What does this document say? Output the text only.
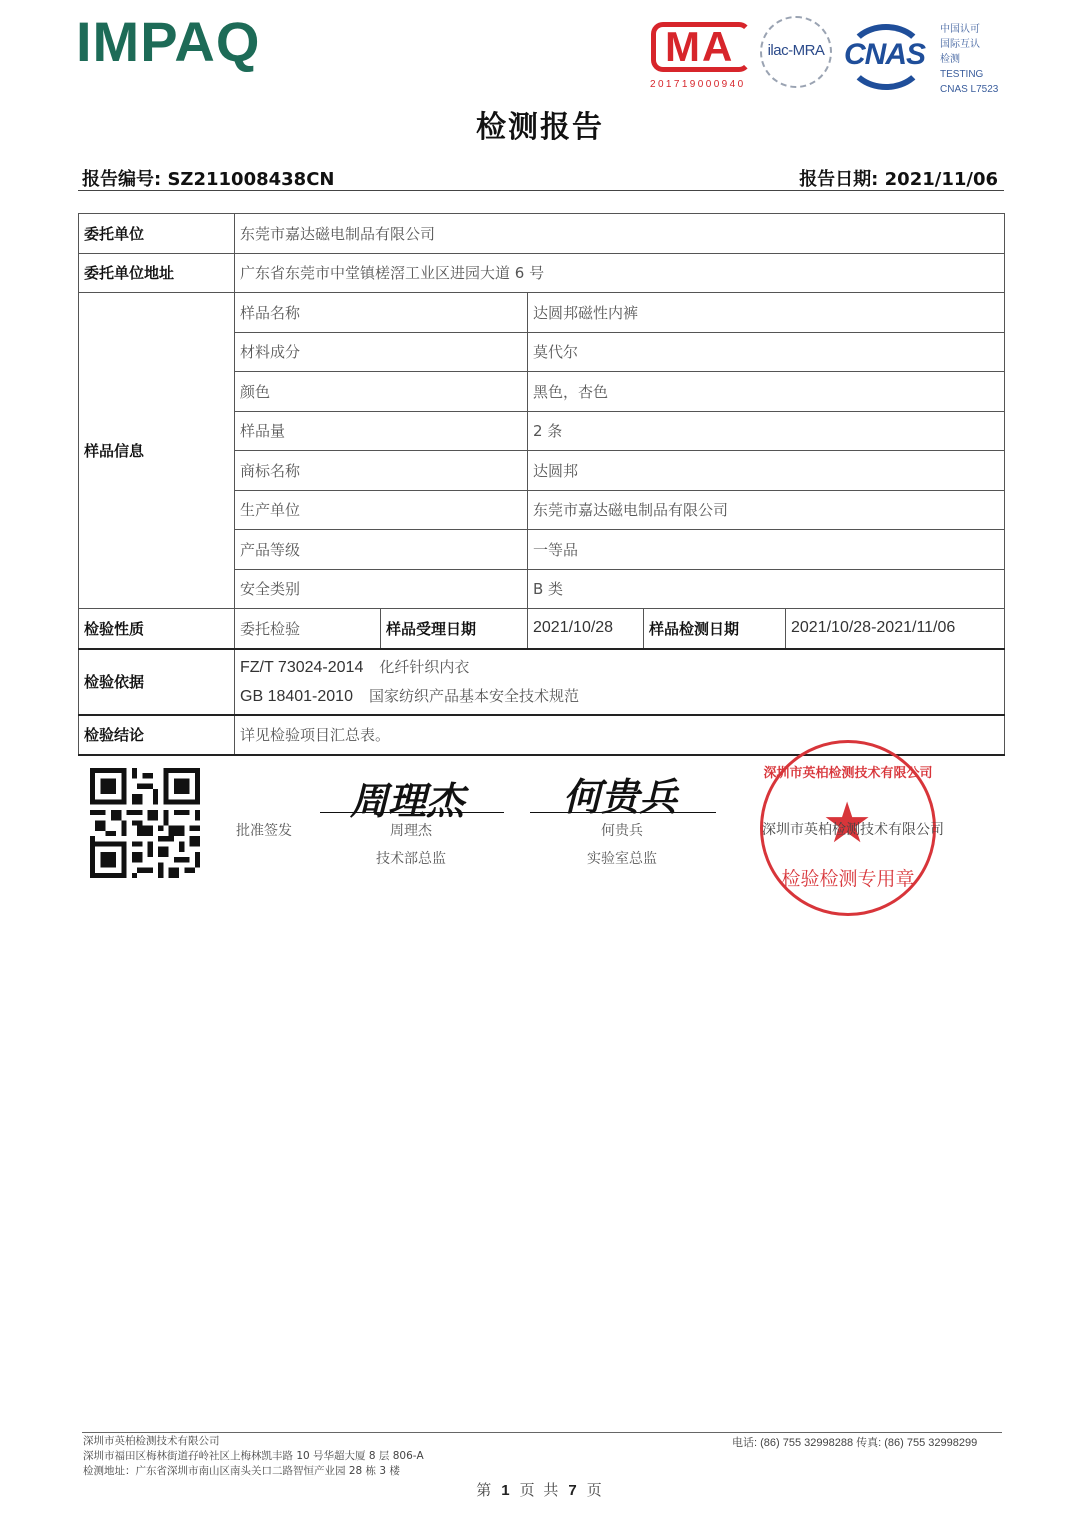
IMPAQ	MA
201719000940
ilac-MRA CNAS
中国认可
国际互认
检测
TESTING
CNAS L7523
检测报告
报告编号: SZ211008438CN	报告日期: 2021/11/06
委托单位	东莞市嘉达磁电制品有限公司				
委托单位地址	广东省东莞市中堂镇槎滘工业区进园大道 6 号				
样品信息	样品名称		达圆邦磁性内裤		
	材料成分		莫代尔		
	颜色		黑色，杏色		
	样品量		2 条		
	商标名称		达圆邦		
	生产单位		东莞市嘉达磁电制品有限公司		
	产品等级		一等品		
	安全类别		B 类		
检验性质	委托检验	样品受理日期	2021/10/28	样品检测日期	2021/10/28-2021/11/06
检验依据	FZ/T 73024-2014 化纤针织内衣
GB 18401-2010 国家纺织产品基本安全技术规范				

检验结论	详见检验项目汇总表。				
批准签发
周理杰
周理杰
技术部总监
何贵兵
何贵兵
实验室总监
深圳市英柏检测技术有限公司
★
深圳市英柏检测技术有限公司
检验检测专用章
深圳市英柏检测技术有限公司
深圳市福田区梅林街道孖岭社区上梅林凯丰路 10 号华超大厦 8 层 806-A
检测地址：广东省深圳市南山区南头关口二路智恒产业园 28 栋 3 楼
电话: (86) 755 32998288 传真: (86) 755 32998299
第 1 页 共 7 页
